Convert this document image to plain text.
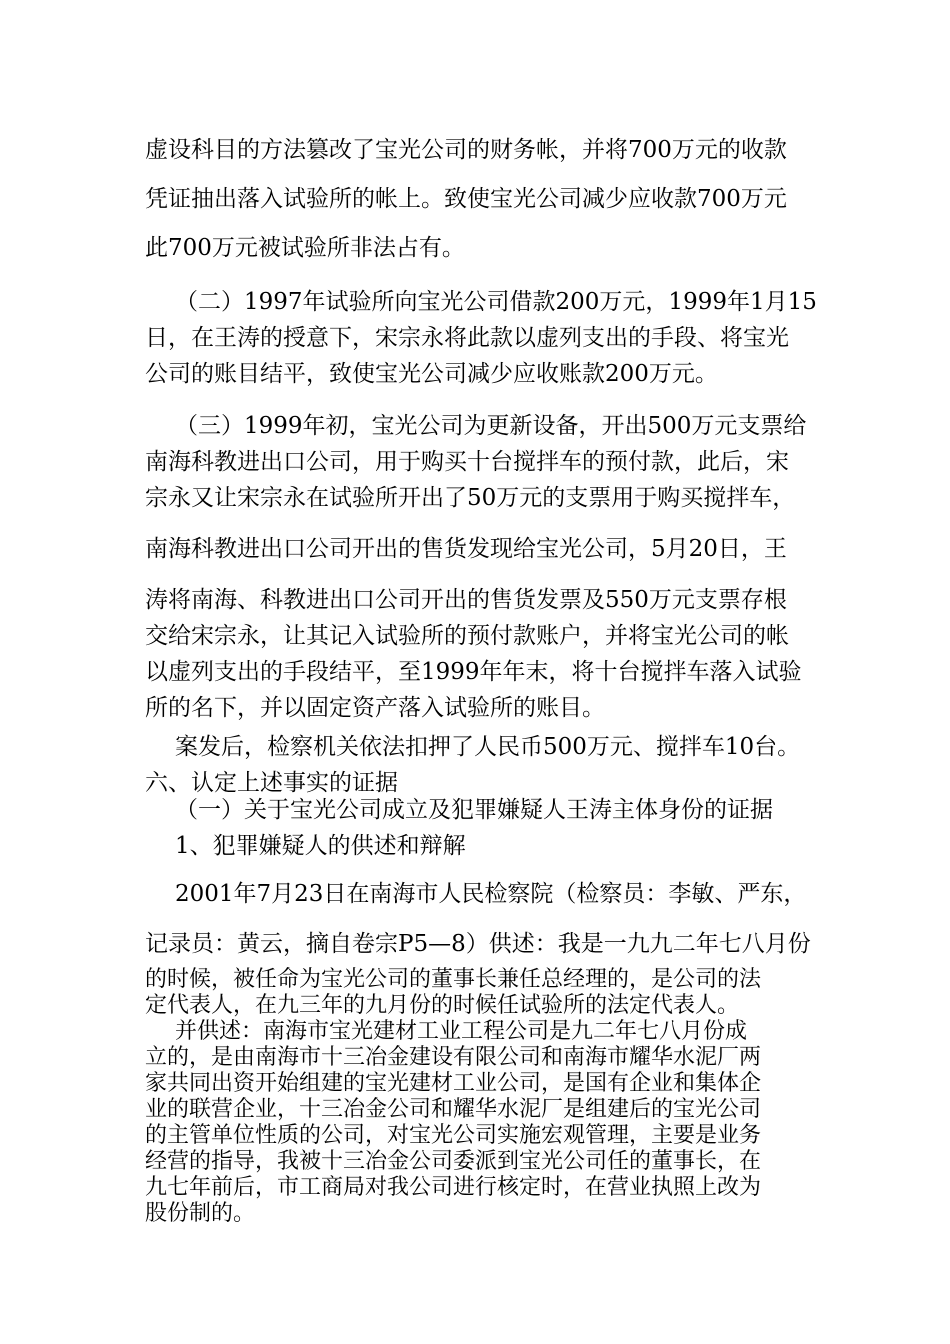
虚设科目的方法篡改了宝光公司的财务帐，并将700万元的收款

凭证抽出落入试验所的帐上。致使宝光公司减少应收款700万元

此700万元被试验所非法占有。

（二）1997年试验所向宝光公司借款200万元，1999年1月15

日，在王涛的授意下，宋宗永将此款以虚列支出的手段、将宝光

公司的账目结平，致使宝光公司减少应收账款200万元。

（三）1999年初，宝光公司为更新设备，开出500万元支票给

南海科教进出口公司，用于购买十台搅拌车的预付款，此后，宋

宗永又让宋宗永在试验所开出了50万元的支票用于购买搅拌车，

南海科教进出口公司开出的售货发现给宝光公司，5月20日，王

涛将南海、科教进出口公司开出的售货发票及550万元支票存根

交给宋宗永，让其记入试验所的预付款账户，并将宝光公司的帐

以虚列支出的手段结平，至1999年年末，将十台搅拌车落入试验

所的名下，并以固定资产落入试验所的账目。

案发后，检察机关依法扣押了人民币500万元、搅拌车10台。

六、认定上述事实的证据

（一）关于宝光公司成立及犯罪嫌疑人王涛主体身份的证据

1、犯罪嫌疑人的供述和辩解

2001年7月23日在南海市人民检察院（检察员：李敏、严东，

记录员：黄云，摘自卷宗P5—8）供述：我是一九九二年七八月份

的时候，被任命为宝光公司的董事长兼任总经理的，是公司的法

定代表人，在九三年的九月份的时候任试验所的法定代表人。

并供述：南海市宝光建材工业工程公司是九二年七八月份成

立的，是由南海市十三冶金建设有限公司和南海市耀华水泥厂两

家共同出资开始组建的宝光建材工业公司，是国有企业和集体企

业的联营企业，十三冶金公司和耀华水泥厂是组建后的宝光公司

的主管单位性质的公司，对宝光公司实施宏观管理，主要是业务

经营的指导，我被十三冶金公司委派到宝光公司任的董事长，在

九七年前后，市工商局对我公司进行核定时，在营业执照上改为

股份制的。
